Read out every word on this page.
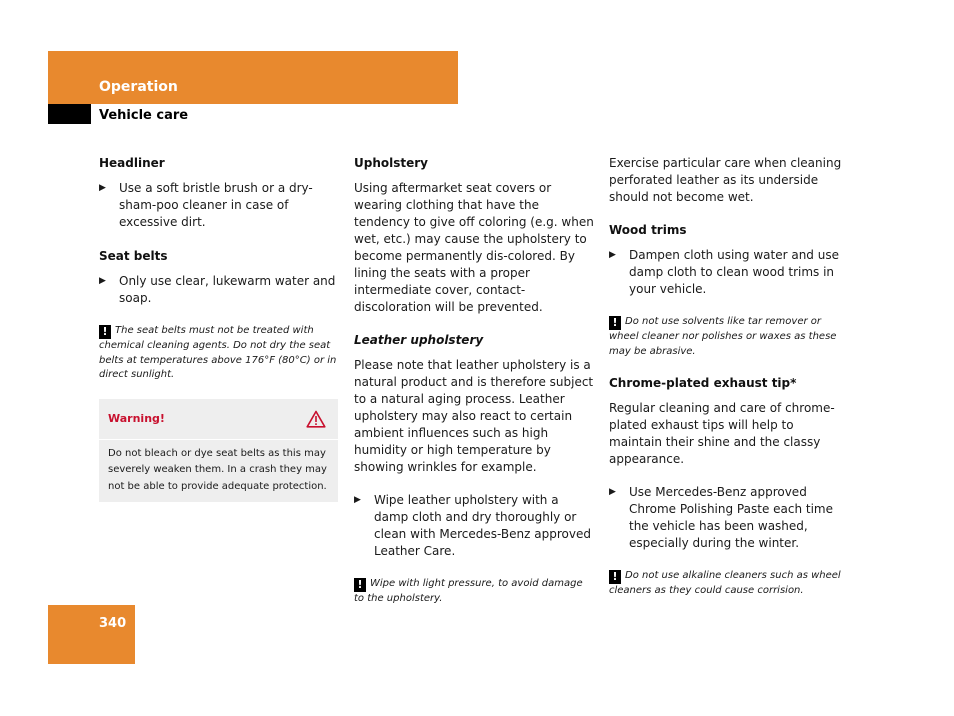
Operation
Vehicle care
Headliner
▶	Use a soft bristle brush or a dry-sham-poo cleaner in case of excessive dirt.
Seat belts
▶	Only use clear, lukewarm water and soap.
! The seat belts must not be treated with chemical cleaning agents. Do not dry the seat belts at temperatures above 176°F (80°C) or in direct sunlight.
Warning!
Do not bleach or dye seat belts as this may severely weaken them. In a crash they may not be able to provide adequate protection.
Upholstery

Using aftermarket seat covers or wearing clothing that have the tendency to give off coloring (e.g. when wet, etc.) may cause the upholstery to become permanently dis-colored. By lining the seats with a proper intermediate cover, contact-discoloration will be prevented.

Leather upholstery

Please note that leather upholstery is a natural product and is therefore subject to a natural aging process. Leather upholstery may also react to certain ambient influences such as high humidity or high temperature by showing wrinkles for example.

▶	Wipe leather upholstery with a damp cloth and dry thoroughly or clean with Mercedes-Benz approved Leather Care.
! Wipe with light pressure, to avoid damage to the upholstery.

Exercise particular care when cleaning perforated leather as its underside should not become wet.

Wood trims
▶	Dampen cloth using water and use damp cloth to clean wood trims in your vehicle.
! Do not use solvents like tar remover or wheel cleaner nor polishes or waxes as these may be abrasive.
Chrome-plated exhaust tip*

Regular cleaning and care of chrome-plated exhaust tips will help to maintain their shine and the classy appearance.

▶	Use Mercedes-Benz approved Chrome Polishing Paste each time the vehicle has been washed, especially during the winter.
! Do not use alkaline cleaners such as wheel cleaners as they could cause corrision.
340
